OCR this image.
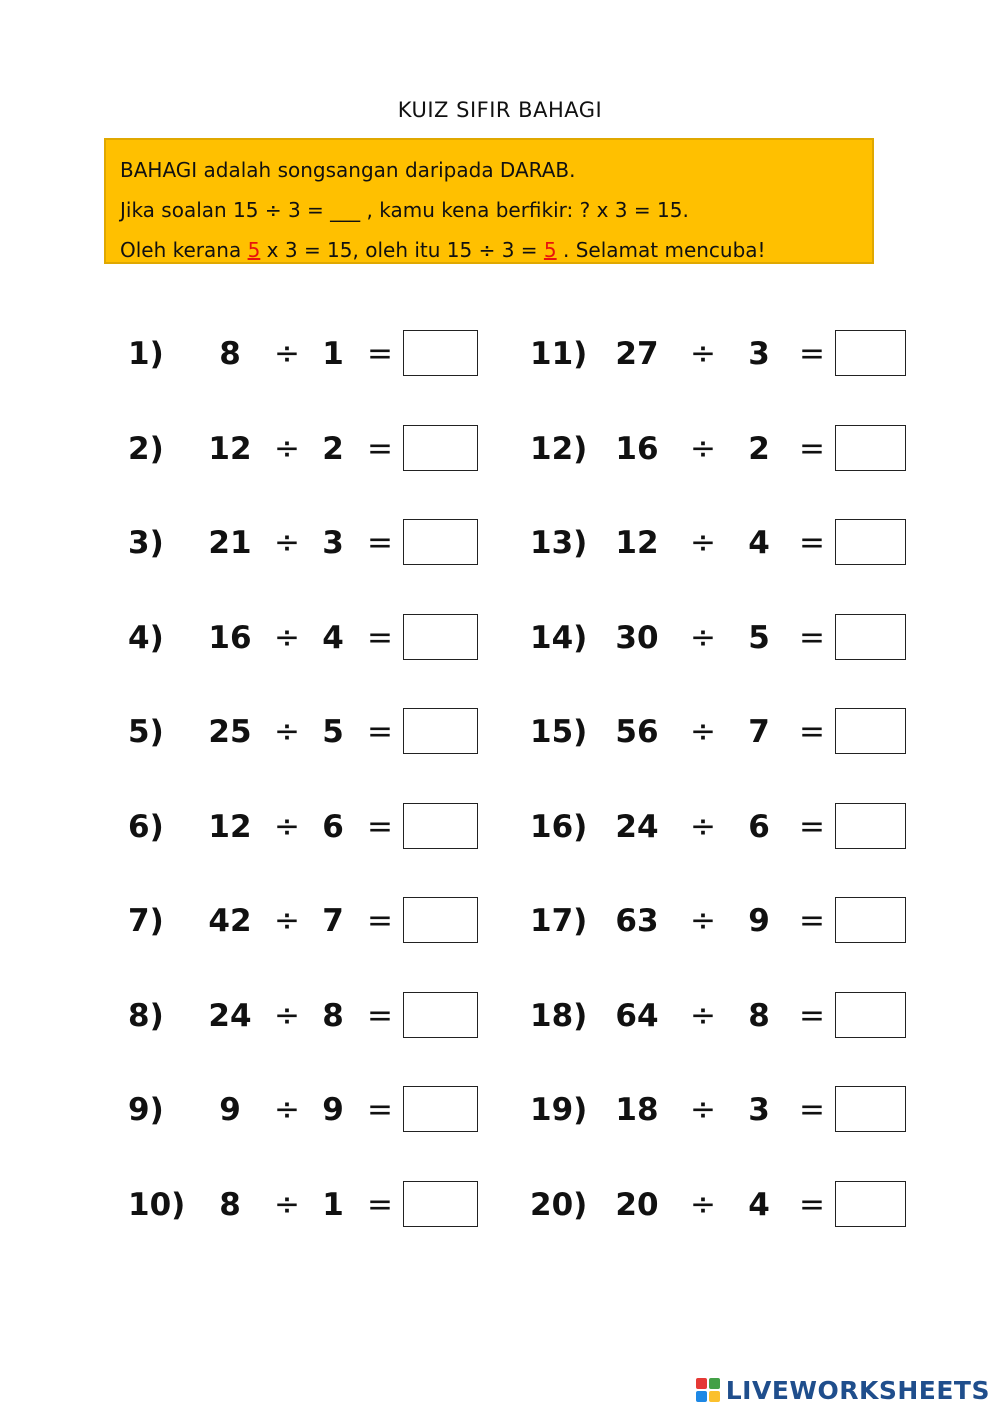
KUIZ SIFIR BAHAGI
BAHAGI adalah songsangan daripada DARAB.
Jika soalan 15 ÷ 3 = ___ , kamu kena berfikir: ? x 3 = 15.
Oleh kerana 5 x 3 = 15, oleh itu 15 ÷ 3 = 5 . Selamat mencuba!
1)	8	÷ 1 =
2) 12 ÷ 2 =
3) 21 ÷ 3 =
4) 16 ÷ 4 =
5) 25 ÷ 5 =
6) 12 ÷ 6 =
7) 42 ÷ 7 =
8) 24 ÷ 8 =
9)	9	÷ 9 =
10)	8	÷ 1 =
11) 27 ÷ 3 =
12) 16 ÷ 2 =
13) 12 ÷ 4 =
14) 30 ÷ 5 =
15) 56 ÷ 7 =
16) 24 ÷ 6 =
17) 63 ÷ 9 =
18) 64 ÷ 8 =
19) 18 ÷ 3 =
20) 20 ÷ 4 =
LIVEWORKSHEETS
